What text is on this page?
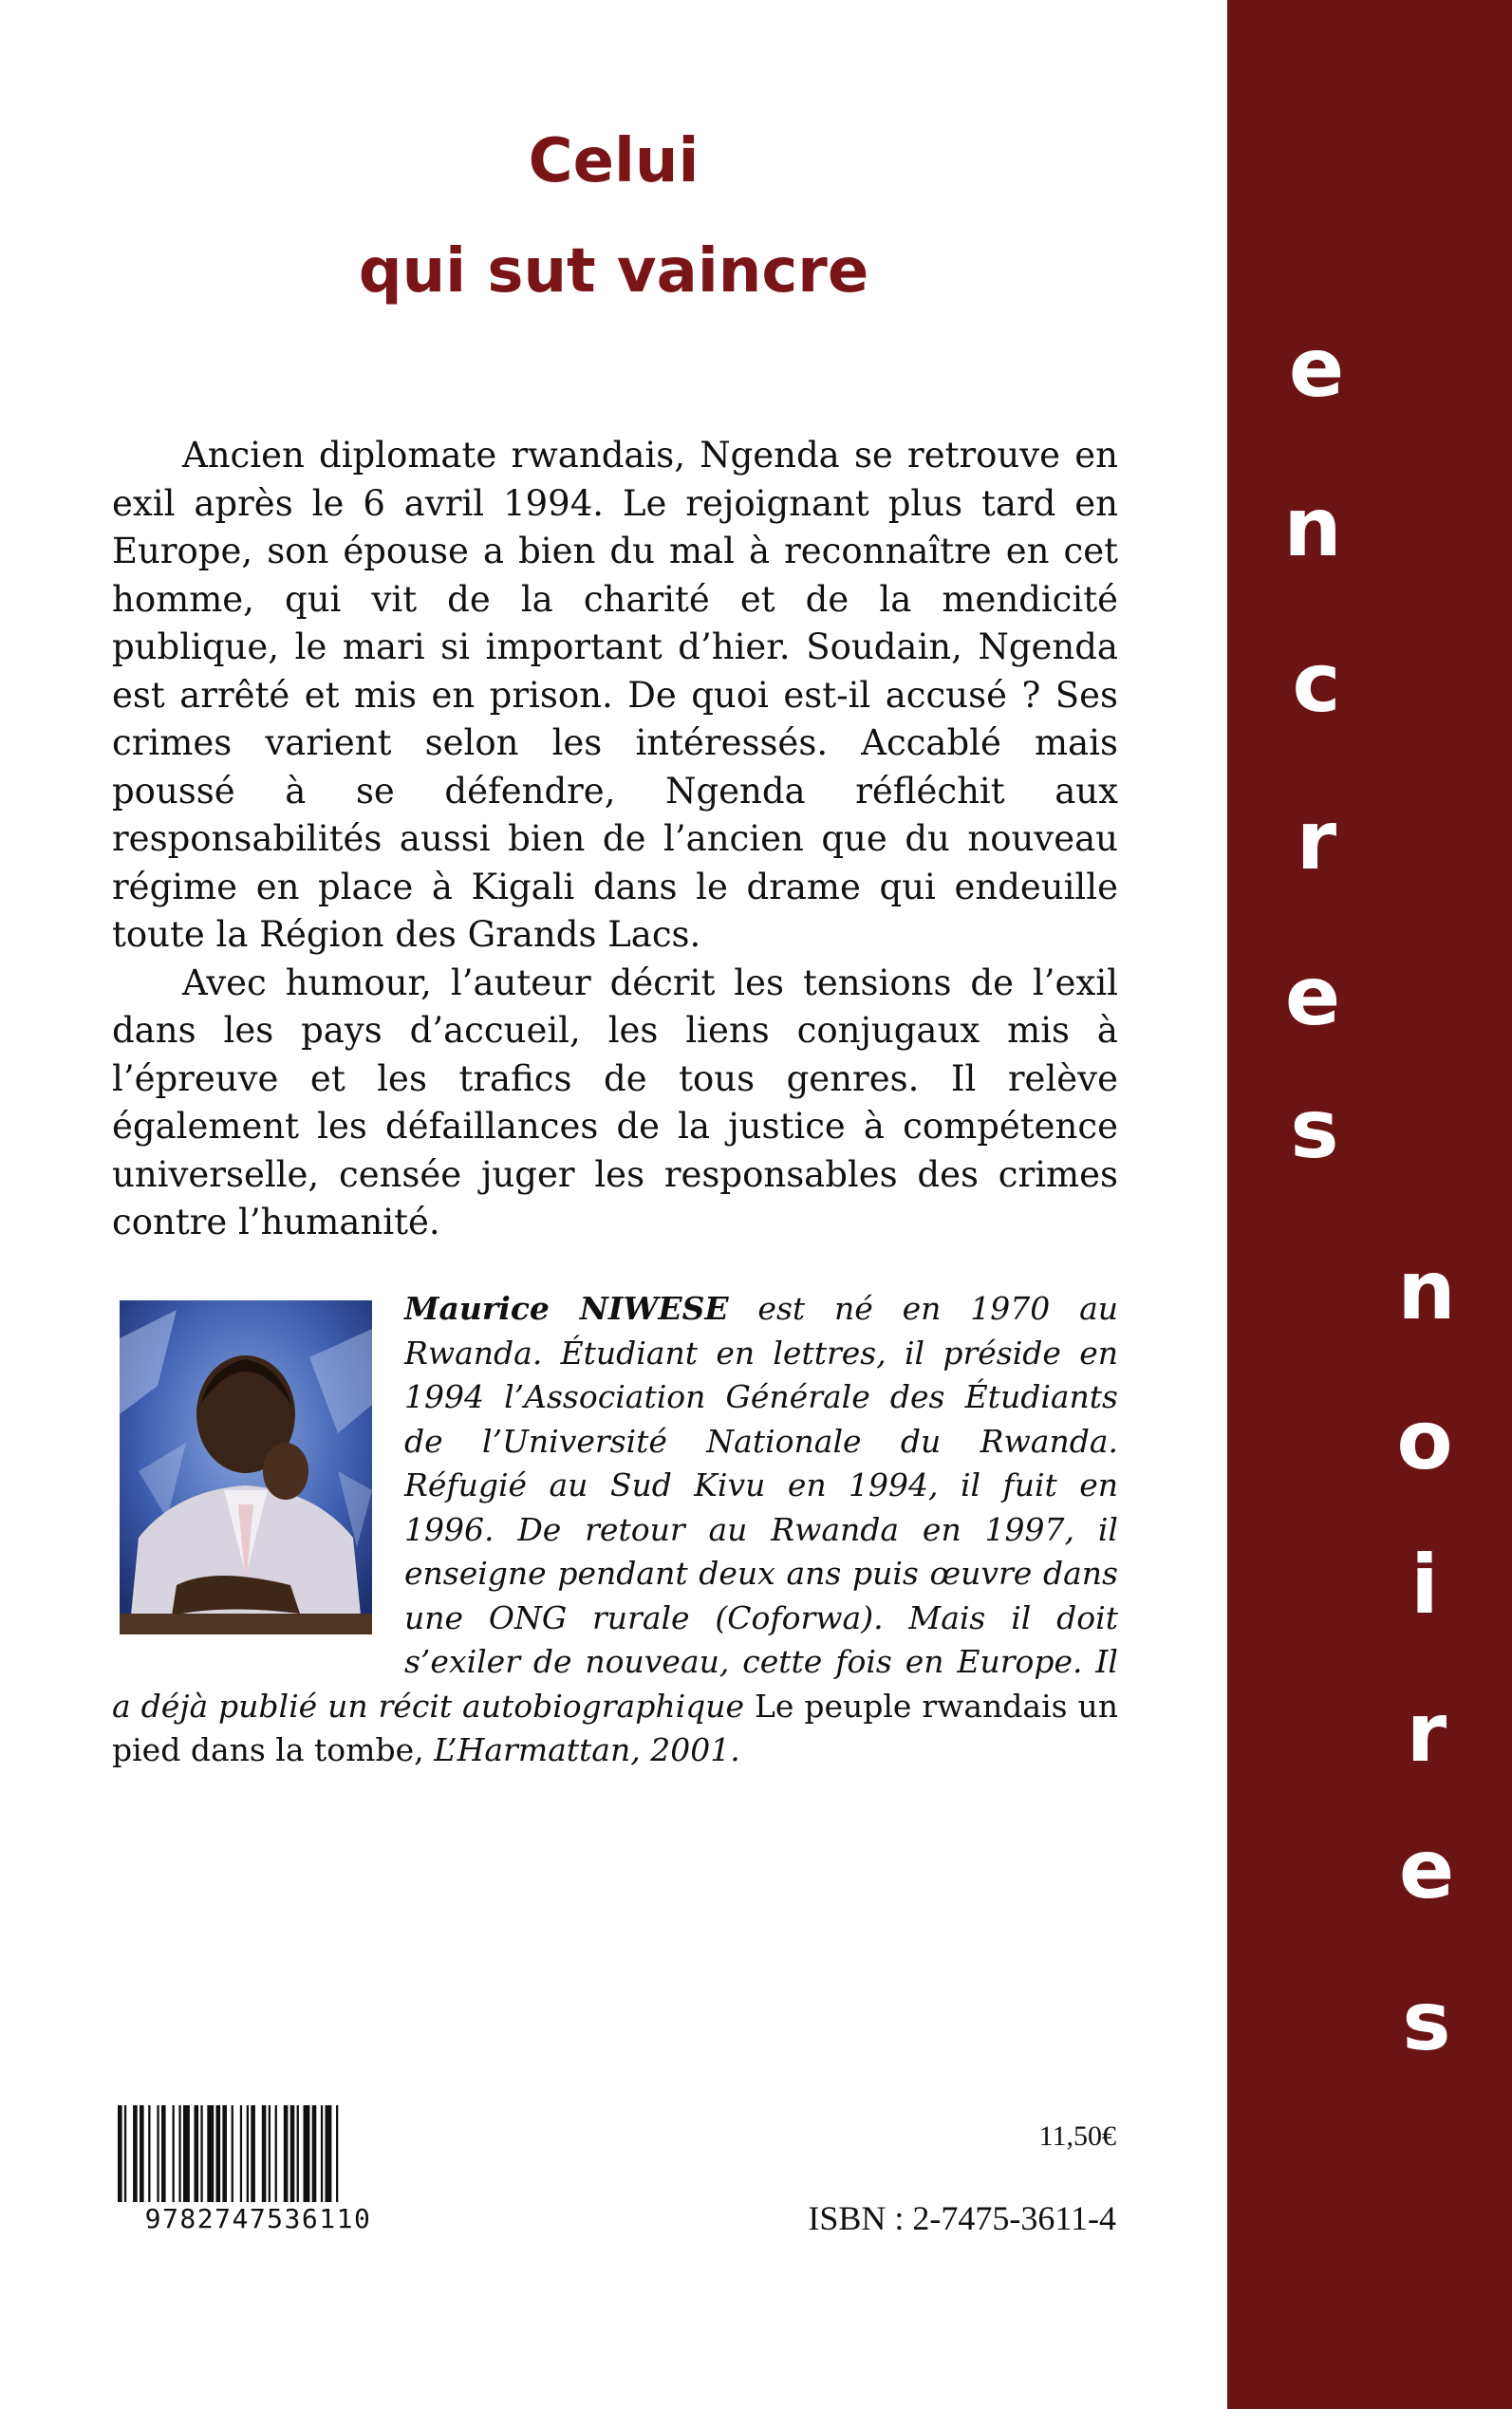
Celui
qui sut vaincre

Ancien diplomate rwandais, Ngenda se retrouve en exil après le 6 avril 1994. Le rejoignant plus tard en Europe, son épouse a bien du mal à reconnaître en cet homme, qui vit de la charité et de la mendicité publique, le mari si important d’hier. Soudain, Ngenda est arrêté et mis en prison. De quoi est-il accusé ? Ses crimes varient selon les intéressés. Accablé mais poussé à se défendre, Ngenda réfléchit aux responsabilités aussi bien de l’ancien que du nouveau régime en place à Kigali dans le drame qui endeuille toute la Région des Grands Lacs.

Avec humour, l’auteur décrit les tensions de l’exil dans les pays d’accueil, les liens conjugaux mis à l’épreuve et les trafics de tous genres. Il relève également les défaillances de la justice à compétence universelle, censée juger les responsables des crimes contre l’humanité.

Maurice NIWESE est né en 1970 au Rwanda. Étudiant en lettres, il préside en 1994 l’Association Générale des Étudiants de l’Université Nationale du Rwanda. Réfugié au Sud Kivu en 1994, il fuit en 1996. De retour au Rwanda en 1997, il enseigne pendant deux ans puis œuvre dans une ONG rurale (Coforwa). Mais il doit s’exiler de nouveau, cette fois en Europe. Il a déjà publié un récit autobiographique Le peuple rwandais un pied dans la tombe, L’Harmattan, 2001.
9782747536110
11,50€
ISBN : 2-7475-3611-4
e
n
c
r
e
s
n
o
i
r
e
s
